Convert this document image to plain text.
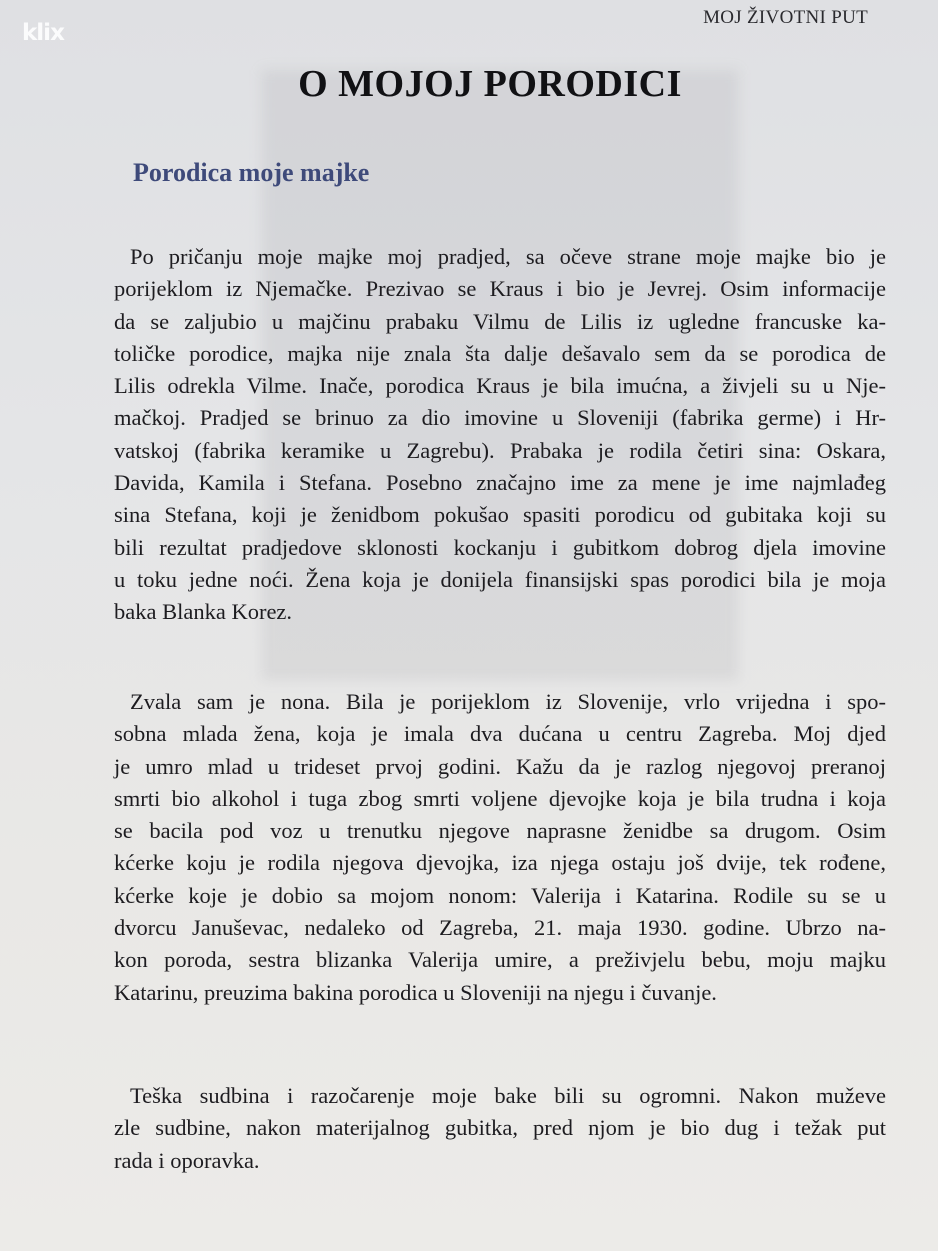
klix
MOJ ŽIVOTNI PUT
O MOJOJ PORODICI
Porodica moje majke
Po pričanju moje majke moj pradjed, sa očeve strane moje majke bio je
porijeklom iz Njemačke. Prezivao se Kraus i bio je Jevrej. Osim informacije
da se zaljubio u majčinu prabaku Vilmu de Lilis iz ugledne francuske ka-
toličke porodice, majka nije znala šta dalje dešavalo sem da se porodica de
Lilis odrekla Vilme. Inače, porodica Kraus je bila imućna, a živjeli su u Nje-
mačkoj. Pradjed se brinuo za dio imovine u Sloveniji (fabrika germe) i Hr-
vatskoj (fabrika keramike u Zagrebu). Prabaka je rodila četiri sina: Oskara,
Davida, Kamila i Stefana. Posebno značajno ime za mene je ime najmlađeg
sina Stefana, koji je ženidbom pokušao spasiti porodicu od gubitaka koji su
bili rezultat pradjedove sklonosti kockanju i gubitkom dobrog djela imovine
u toku jedne noći. Žena koja je donijela finansijski spas porodici bila je moja
baka Blanka Korez.
Zvala sam je nona. Bila je porijeklom iz Slovenije, vrlo vrijedna i spo-
sobna mlada žena, koja je imala dva dućana u centru Zagreba. Moj djed
je umro mlad u trideset prvoj godini. Kažu da je razlog njegovoj preranoj
smrti bio alkohol i tuga zbog smrti voljene djevojke koja je bila trudna i koja
se bacila pod voz u trenutku njegove naprasne ženidbe sa drugom. Osim
kćerke koju je rodila njegova djevojka, iza njega ostaju još dvije, tek rođene,
kćerke koje je dobio sa mojom nonom: Valerija i Katarina. Rodile su se u
dvorcu Januševac, nedaleko od Zagreba, 21. maja 1930. godine. Ubrzo na-
kon poroda, sestra blizanka Valerija umire, a preživjelu bebu, moju majku
Katarinu, preuzima bakina porodica u Sloveniji na njegu i čuvanje.
Teška sudbina i razočarenje moje bake bili su ogromni. Nakon muževe
zle sudbine, nakon materijalnog gubitka, pred njom je bio dug i težak put
rada i oporavka.
